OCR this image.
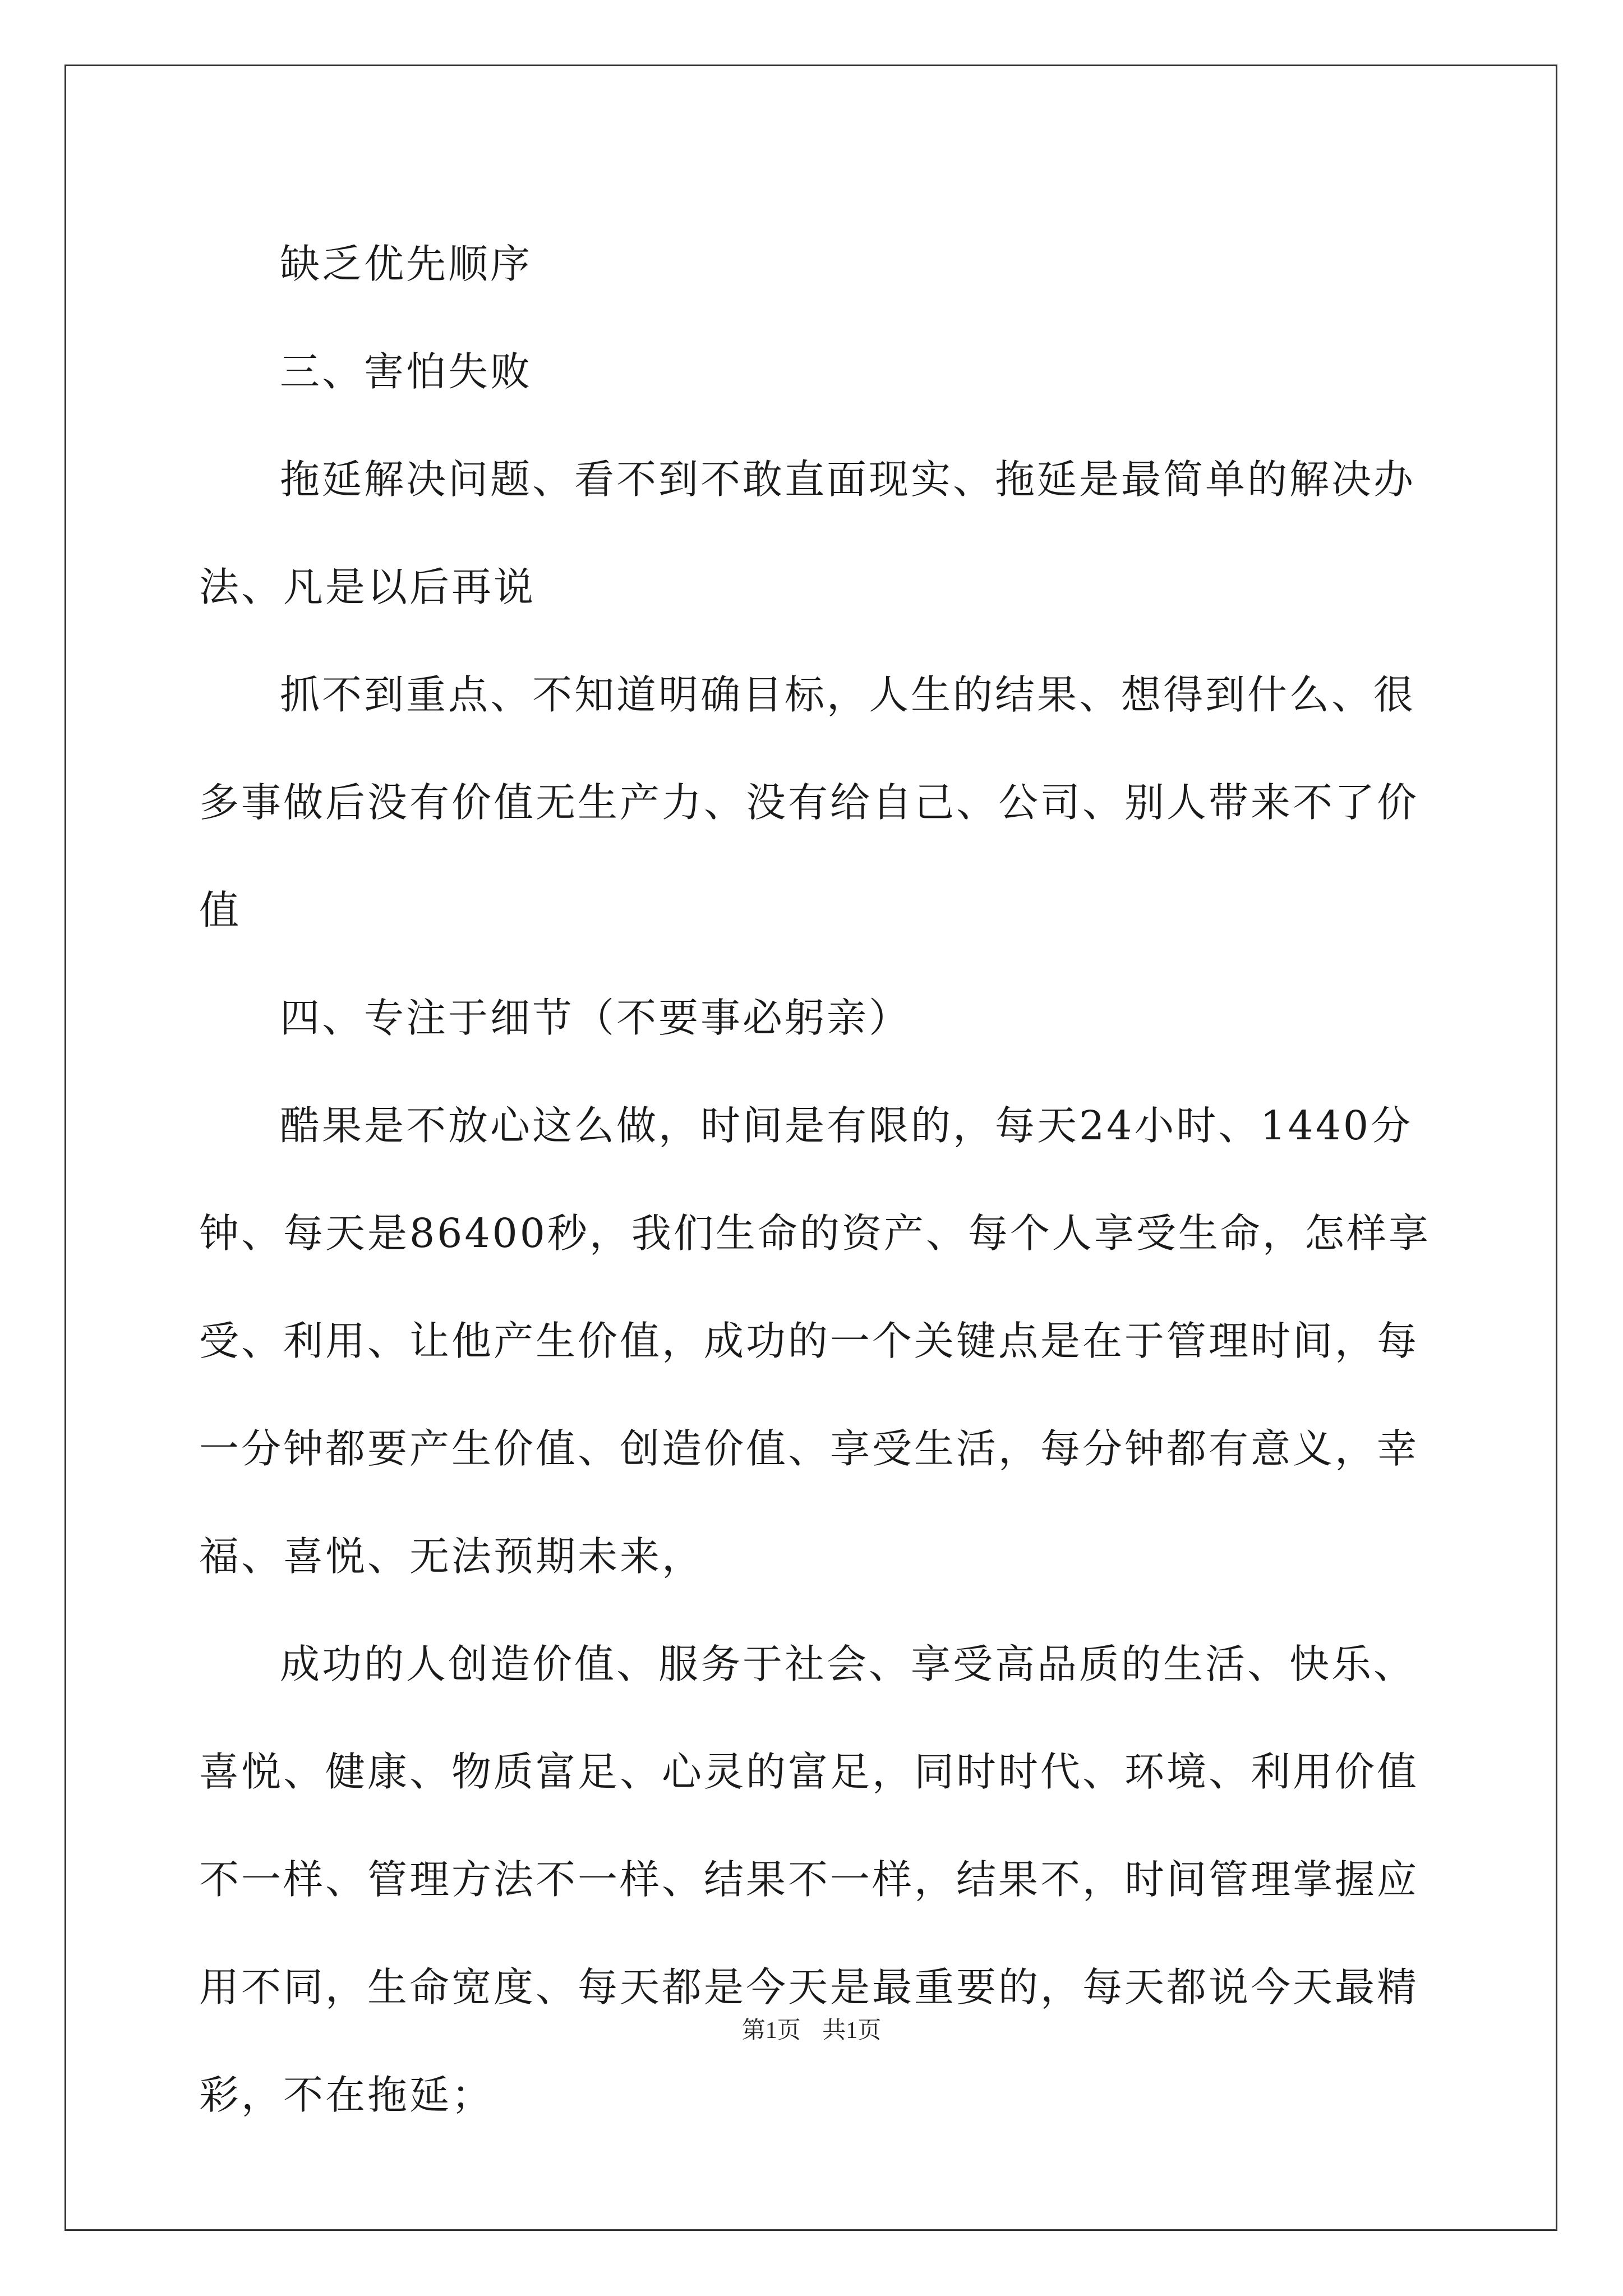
缺乏优先顺序

三、害怕失败

拖延解决问题、看不到不敢直面现实、拖延是最简单的解决办法、凡是以后再说

抓不到重点、不知道明确目标，人生的结果、想得到什么、很多事做后没有价值无生产力、没有给自己、公司、别人带来不了价值

四、专注于细节（不要事必躬亲）

酷果是不放心这么做，时间是有限的，每天24小时、1440分钟、每天是86400秒，我们生命的资产、每个人享受生命，怎样享受、利用、让他产生价值，成功的一个关键点是在于管理时间，每一分钟都要产生价值、创造价值、享受生活，每分钟都有意义，幸福、喜悦、无法预期未来，

成功的人创造价值、服务于社会、享受高品质的生活、快乐、喜悦、健康、物质富足、心灵的富足，同时时代、环境、利用价值不一样、管理方法不一样、结果不一样，结果不，时间管理掌握应用不同，生命宽度、每天都是今天是最重要的，每天都说今天最精彩，不在拖延；

第1页 共1页
